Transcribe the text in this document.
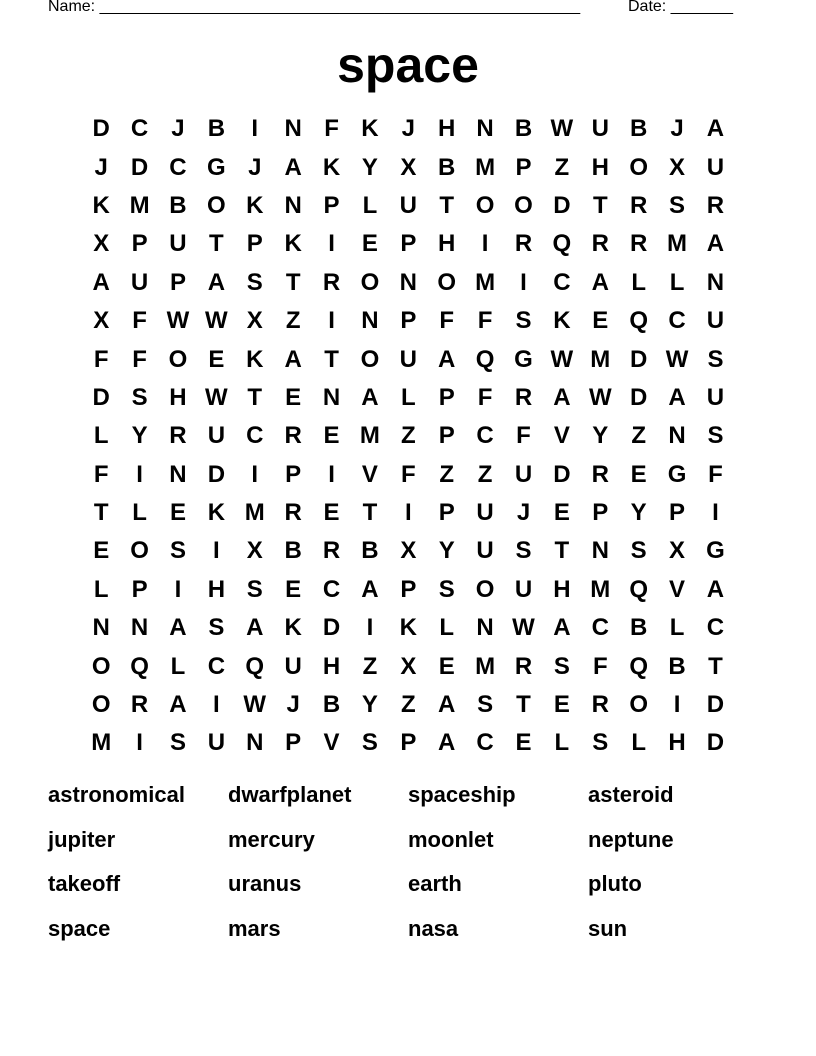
Name: ______________________________________________________	Date: _______
space
D C J B	I	N F K J H N B W U B J A
J D C G J A K Y X B M P Z H O X U
K M B O K N P L U T O O D T R S R
X P U T P K	I	E P H	I	R Q R R M A
A U P A S T R O N O M	I	C A L L N
X F W W X Z	I	N P F F S K E Q C U
F F O E K A T O U A Q G W M D W S
D S H W T E N A L P F R A W D A U
L Y R U C R E M Z P C F V Y Z N S
F	I	N D	I	P	I	V F Z Z U D R E G F
T L E K M R E T	I	P U J E P Y P	I
E O S	I	X B R B X Y U S T N S X G
L P	I	H S E C A P S O U H M Q V A
N N A S A K D	I	K L N W A C B L C
O Q L C Q U H Z X E M R S F Q B T
O R A	I W J B Y Z A S T E R O	I	D
M	I	S U N P V S P A C E L S L H D
astronomical	dwarfplanet	spaceship	asteroid
jupiter	mercury	moonlet	neptune
takeoff	uranus	earth	pluto
space	mars	nasa	sun
